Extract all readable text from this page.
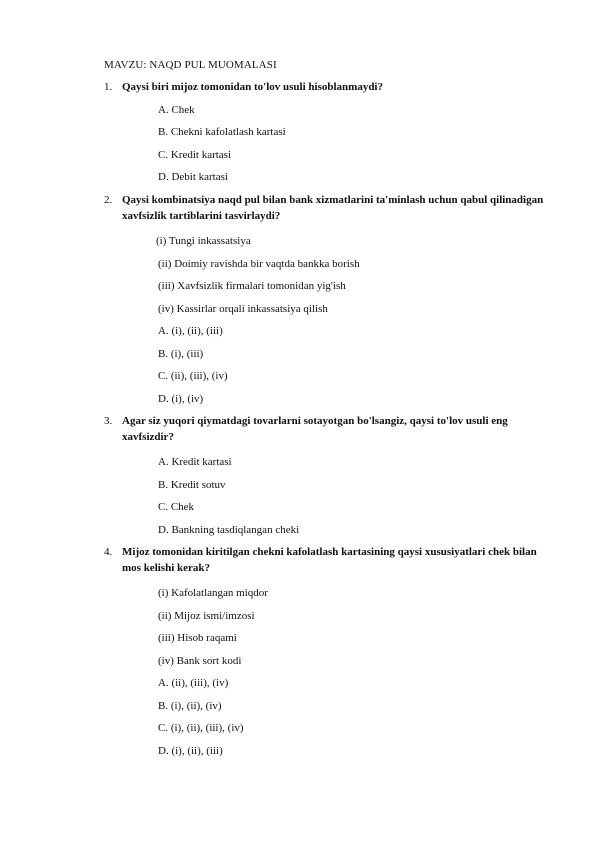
MAVZU: NAQD PUL MUOMALASI
1. Qaysi biri mijoz tomonidan to'lov usuli hisoblanmaydi?
A. Chek
B. Chekni kafolatlash kartasi
C. Kredit kartasi
D. Debit kartasi
2. Qaysi kombinatsiya naqd pul bilan bank xizmatlarini ta'minlash uchun qabul qilinadigan xavfsizlik tartiblarini tasvirlaydi?
(i) Tungi inkassatsiya
(ii) Doimiy ravishda bir vaqtda bankka borish
(iii) Xavfsizlik firmalari tomonidan yig'ish
(iv) Kassirlar orqali inkassatsiya qilish
A. (i), (ii), (iii)
B. (i), (iii)
C. (ii), (iii), (iv)
D. (i), (iv)
3. Agar siz yuqori qiymatdagi tovarlarni sotayotgan bo'lsangiz, qaysi to'lov usuli eng xavfsizdir?
A. Kredit kartasi
B. Kredit sotuv
C. Chek
D. Bankning tasdiqlangan cheki
4. Mijoz tomonidan kiritilgan chekni kafolatlash kartasining qaysi xususiyatlari chek bilan mos kelishi kerak?
(i) Kafolatlangan miqdor
(ii) Mijoz ismi/imzosi
(iii) Hisob raqami
(iv) Bank sort kodi
A. (ii), (iii), (iv)
B. (i), (ii), (iv)
C. (i), (ii), (iii), (iv)
D. (i), (ii), (iii)
